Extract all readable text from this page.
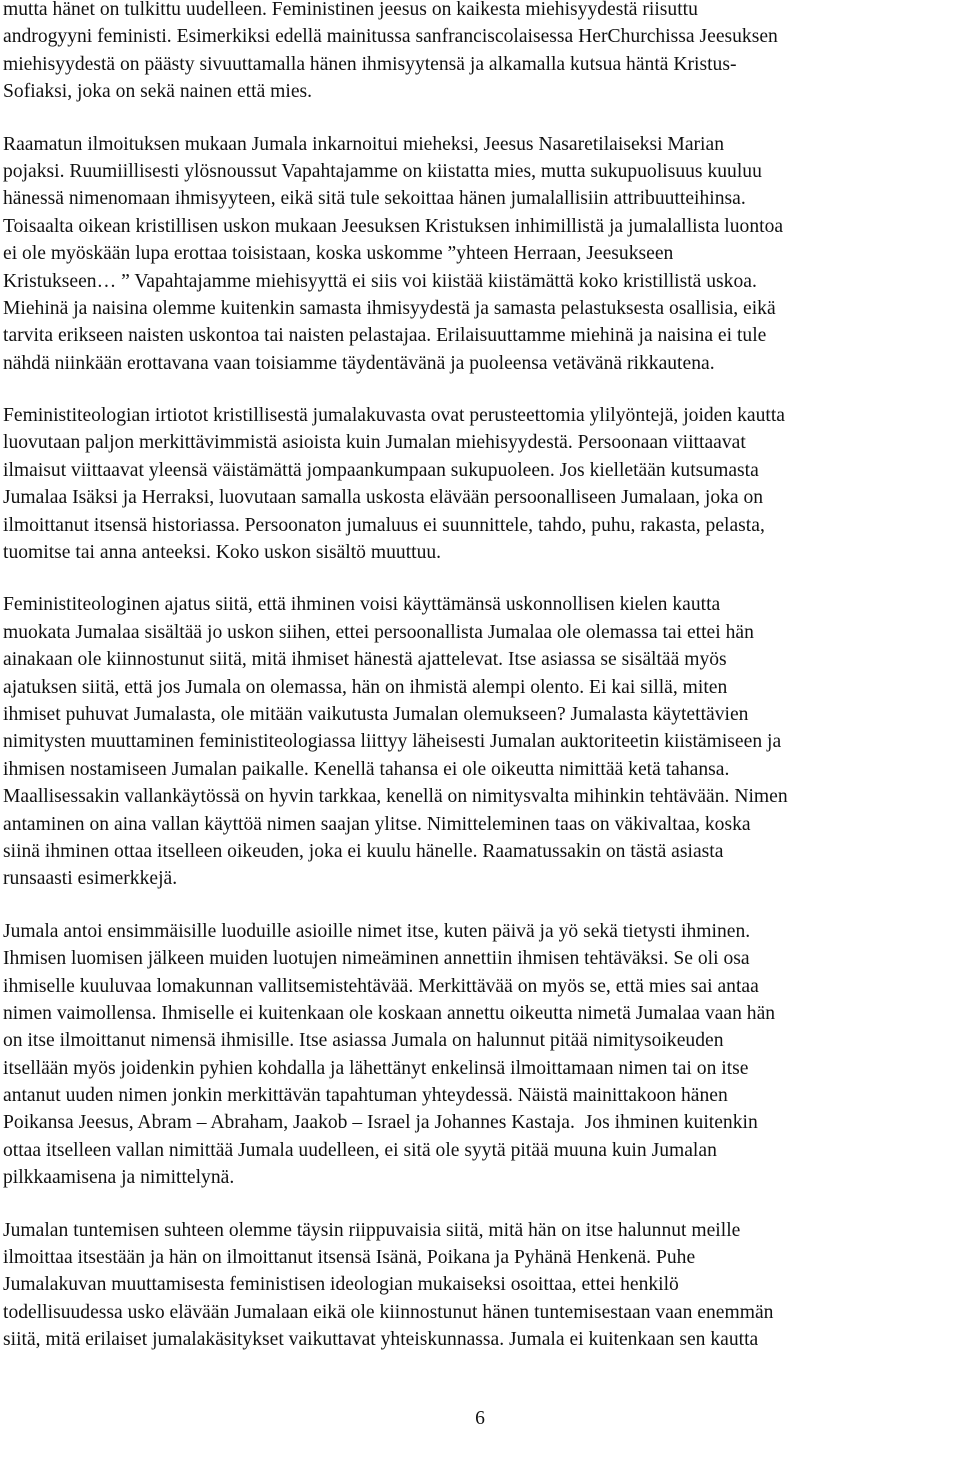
mutta hänet on tulkittu uudelleen. Feministinen jeesus on kaikesta miehisyydestä riisuttu
androgyyni feministi. Esimerkiksi edellä mainitussa sanfranciscolaisessa HerChurchissa Jeesuksen
miehisyydestä on päästy sivuuttamalla hänen ihmisyytensä ja alkamalla kutsua häntä Kristus-
Sofiaksi, joka on sekä nainen että mies.

Raamatun ilmoituksen mukaan Jumala inkarnoitui mieheksi, Jeesus Nasaretilaiseksi Marian
pojaksi. Ruumiillisesti ylösnoussut Vapahtajamme on kiistatta mies, mutta sukupuolisuus kuuluu
hänessä nimenomaan ihmisyyteen, eikä sitä tule sekoittaa hänen jumalallisiin attribuutteihinsa.
Toisaalta oikean kristillisen uskon mukaan Jeesuksen Kristuksen inhimillistä ja jumalallista luontoa
ei ole myöskään lupa erottaa toisistaan, koska uskomme ”yhteen Herraan, Jeesukseen
Kristukseen… ” Vapahtajamme miehisyyttä ei siis voi kiistää kiistämättä koko kristillistä uskoa.
Miehinä ja naisina olemme kuitenkin samasta ihmisyydestä ja samasta pelastuksesta osallisia, eikä
tarvita erikseen naisten uskontoa tai naisten pelastajaa. Erilaisuuttamme miehinä ja naisina ei tule
nähdä niinkään erottavana vaan toisiamme täydentävänä ja puoleensa vetävänä rikkautena.

Feministiteologian irtiotot kristillisestä jumalakuvasta ovat perusteettomia ylilyöntejä, joiden kautta
luovutaan paljon merkittävimmistä asioista kuin Jumalan miehisyydestä. Persoonaan viittaavat
ilmaisut viittaavat yleensä väistämättä jompaankumpaan sukupuoleen. Jos kielletään kutsumasta
Jumalaa Isäksi ja Herraksi, luovutaan samalla uskosta elävään persoonalliseen Jumalaan, joka on
ilmoittanut itsensä historiassa. Persoonaton jumaluus ei suunnittele, tahdo, puhu, rakasta, pelasta,
tuomitse tai anna anteeksi. Koko uskon sisältö muuttuu.

Feministiteologinen ajatus siitä, että ihminen voisi käyttämänsä uskonnollisen kielen kautta
muokata Jumalaa sisältää jo uskon siihen, ettei persoonallista Jumalaa ole olemassa tai ettei hän
ainakaan ole kiinnostunut siitä, mitä ihmiset hänestä ajattelevat. Itse asiassa se sisältää myös
ajatuksen siitä, että jos Jumala on olemassa, hän on ihmistä alempi olento. Ei kai sillä, miten
ihmiset puhuvat Jumalasta, ole mitään vaikutusta Jumalan olemukseen? Jumalasta käytettävien
nimitysten muuttaminen feministiteologiassa liittyy läheisesti Jumalan auktoriteetin kiistämiseen ja
ihmisen nostamiseen Jumalan paikalle. Kenellä tahansa ei ole oikeutta nimittää ketä tahansa.
Maallisessakin vallankäytössä on hyvin tarkkaa, kenellä on nimitysvalta mihinkin tehtävään. Nimen
antaminen on aina vallan käyttöä nimen saajan ylitse. Nimitteleminen taas on väkivaltaa, koska
siinä ihminen ottaa itselleen oikeuden, joka ei kuulu hänelle. Raamatussakin on tästä asiasta
runsaasti esimerkkejä.

Jumala antoi ensimmäisille luoduille asioille nimet itse, kuten päivä ja yö sekä tietysti ihminen.
Ihmisen luomisen jälkeen muiden luotujen nimeäminen annettiin ihmisen tehtäväksi. Se oli osa
ihmiselle kuuluvaa lomakunnan vallitsemistehtävää. Merkittävää on myös se, että mies sai antaa
nimen vaimollensa. Ihmiselle ei kuitenkaan ole koskaan annettu oikeutta nimetä Jumalaa vaan hän
on itse ilmoittanut nimensä ihmisille. Itse asiassa Jumala on halunnut pitää nimitysoikeuden
itsellään myös joidenkin pyhien kohdalla ja lähettänyt enkelinsä ilmoittamaan nimen tai on itse
antanut uuden nimen jonkin merkittävän tapahtuman yhteydessä. Näistä mainittakoon hänen
Poikansa Jeesus, Abram – Abraham, Jaakob – Israel ja Johannes Kastaja.  Jos ihminen kuitenkin
ottaa itselleen vallan nimittää Jumala uudelleen, ei sitä ole syytä pitää muuna kuin Jumalan
pilkkaamisena ja nimittelynä.

Jumalan tuntemisen suhteen olemme täysin riippuvaisia siitä, mitä hän on itse halunnut meille
ilmoittaa itsestään ja hän on ilmoittanut itsensä Isänä, Poikana ja Pyhänä Henkenä. Puhe
Jumalakuvan muuttamisesta feministisen ideologian mukaiseksi osoittaa, ettei henkilö
todellisuudessa usko elävään Jumalaan eikä ole kiinnostunut hänen tuntemisestaan vaan enemmän
siitä, mitä erilaiset jumalakäsitykset vaikuttavat yhteiskunnassa. Jumala ei kuitenkaan sen kautta

6
